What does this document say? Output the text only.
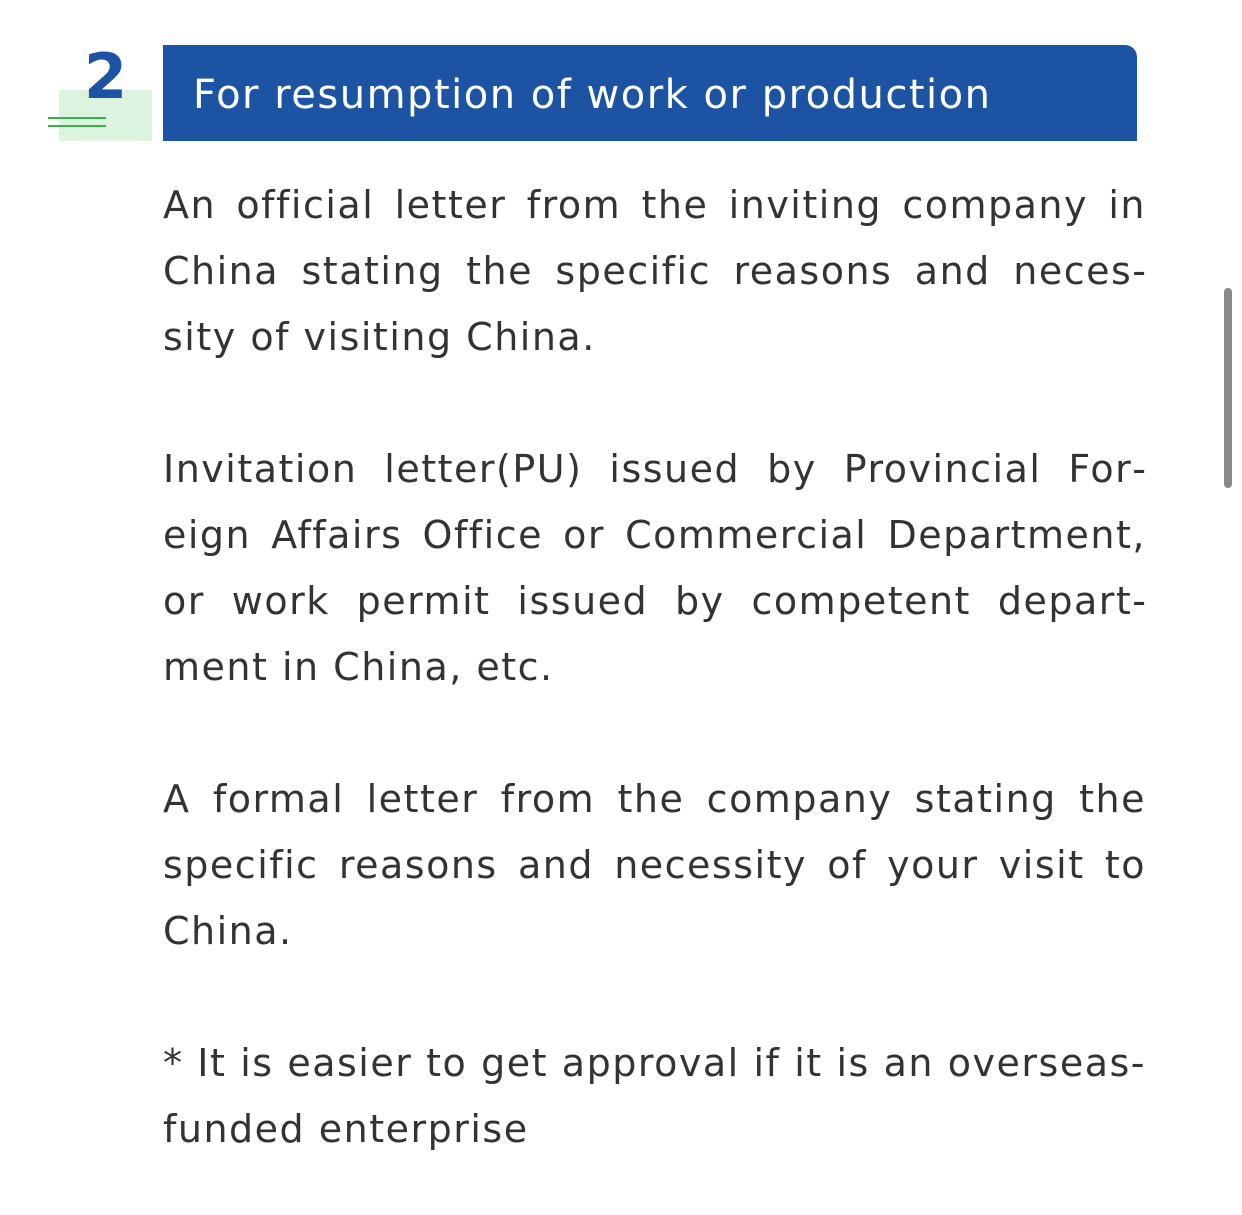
2 For resumption of work or production

An official letter from the inviting company in China stating the specific reasons and necessity of visiting China.

Invitation letter(PU) issued by Provincial Foreign Affairs Office or Commercial Department, or work permit issued by competent department in China, etc.

A formal letter from the company stating the specific reasons and necessity of your visit to China.

* It is easier to get approval if it is an overseas-funded enterprise
